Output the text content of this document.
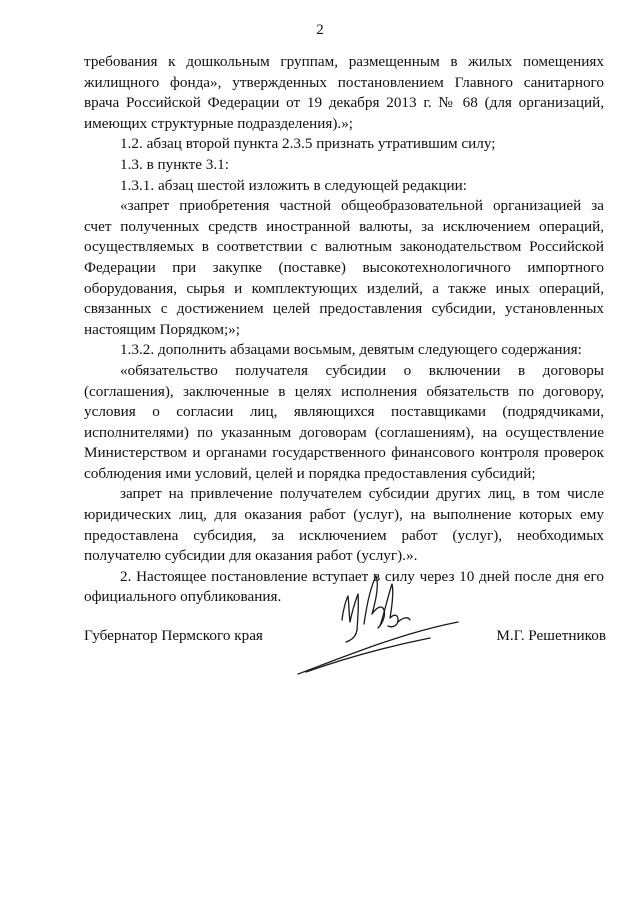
2

требования к дошкольным группам, размещенным в жилых помещениях жилищного фонда», утвержденных постановлением Главного санитарного врача Российской Федерации от 19 декабря 2013 г. № 68 (для организаций, имеющих структурные подразделения).»;

1.2. абзац второй пункта 2.3.5 признать утратившим силу;

1.3. в пункте 3.1:

1.3.1. абзац шестой изложить в следующей редакции:

«запрет приобретения частной общеобразовательной организацией за счет полученных средств иностранной валюты, за исключением операций, осуществляемых в соответствии с валютным законодательством Российской Федерации при закупке (поставке) высокотехнологичного импортного оборудования, сырья и комплектующих изделий, а также иных операций, связанных с достижением целей предоставления субсидии, установленных настоящим Порядком;»;

1.3.2. дополнить абзацами восьмым, девятым следующего содержания:

«обязательство получателя субсидии о включении в договоры (соглашения), заключенные в целях исполнения обязательств по договору, условия о согласии лиц, являющихся поставщиками (подрядчиками, исполнителями) по указанным договорам (соглашениям), на осуществление Министерством и органами государственного финансового контроля проверок соблюдения ими условий, целей и порядка предоставления субсидий;

запрет на привлечение получателем субсидии других лиц, в том числе юридических лиц, для оказания работ (услуг), на выполнение которых ему предоставлена субсидия, за исключением работ (услуг), необходимых получателю субсидии для оказания работ (услуг).».

2. Настоящее постановление вступает в силу через 10 дней после дня его официального опубликования.

Губернатор Пермского края	М.Г. Решетников
